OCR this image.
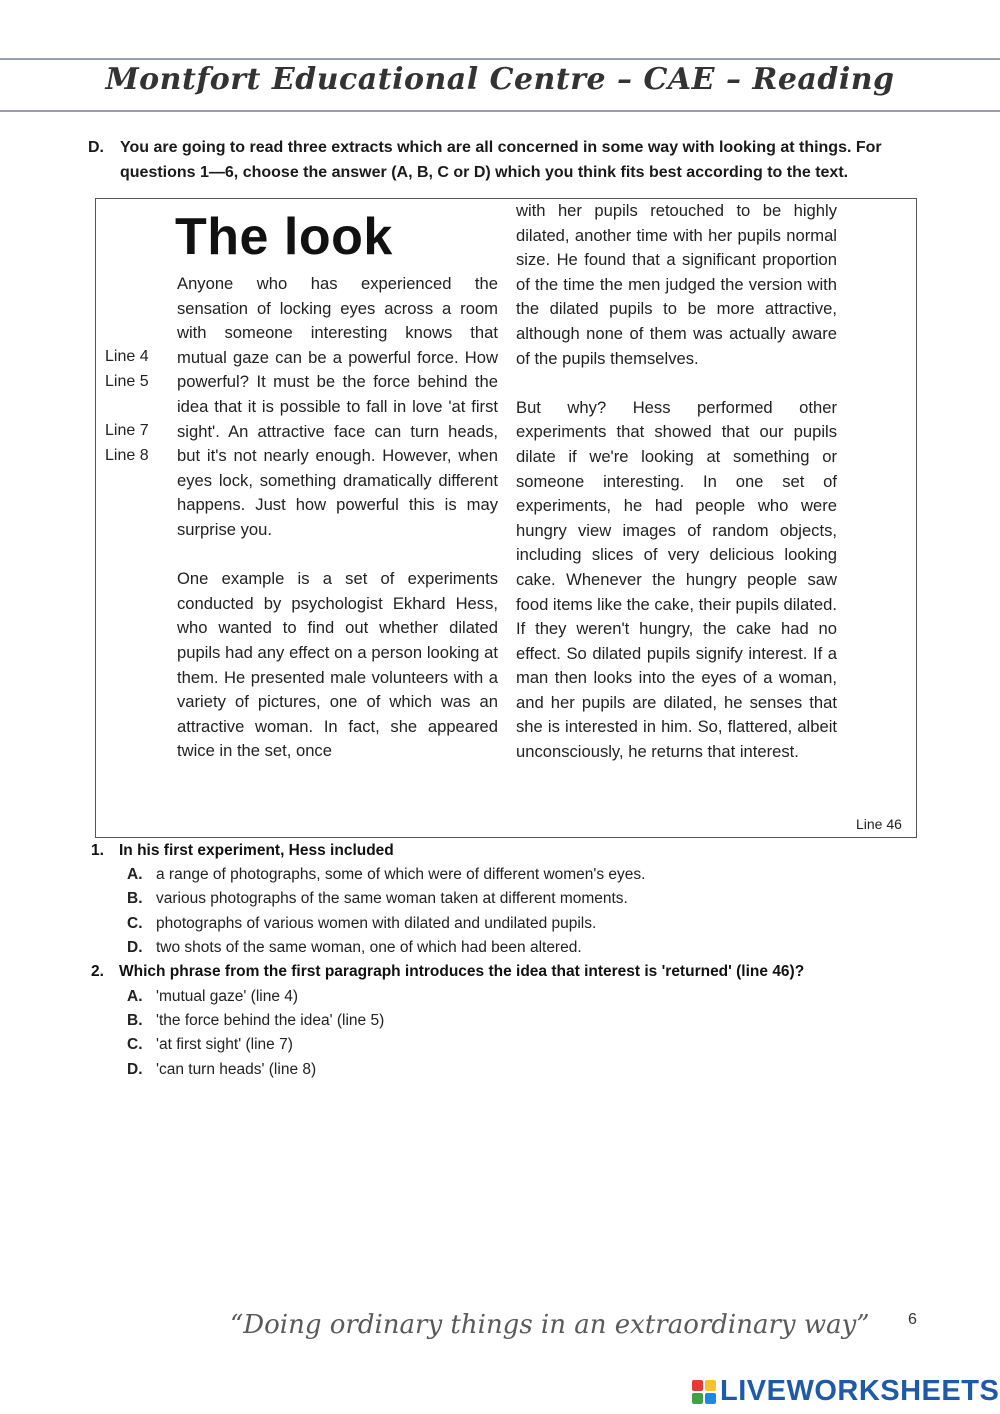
Montfort Educational Centre – CAE – Reading
D. You are going to read three extracts which are all concerned in some way with looking at things. For questions 1—6, choose the answer (A, B, C or D) which you think fits best according to the text.
The look

Anyone who has experienced the sensation of locking eyes across a room with someone interesting knows that mutual gaze can be a powerful force. How powerful? It must be the force behind the idea that it is possible to fall in love 'at first sight'. An attractive face can turn heads, but it's not nearly enough. However, when eyes lock, something dramatically different happens. Just how powerful this is may surprise you.

One example is a set of experiments conducted by psychologist Ekhard Hess, who wanted to find out whether dilated pupils had any effect on a person looking at them. He presented male volunteers with a variety of pictures, one of which was an attractive woman. In fact, she appeared twice in the set, once

with her pupils retouched to be highly dilated, another time with her pupils normal size. He found that a significant proportion of the time the men judged the version with the dilated pupils to be more attractive, although none of them was actually aware of the pupils themselves.

But why? Hess performed other experiments that showed that our pupils dilate if we're looking at something or someone interesting. In one set of experiments, he had people who were hungry view images of random objects, including slices of very delicious looking cake. Whenever the hungry people saw food items like the cake, their pupils dilated. If they weren't hungry, the cake had no effect. So dilated pupils signify interest. If a man then looks into the eyes of a woman, and her pupils are dilated, he senses that she is interested in him. So, flattered, albeit unconsciously, he returns that interest.

Line 4
Line 5
Line 7
Line 8
Line 46
1. In his first experiment, Hess included
A. a range of photographs, some of which were of different women's eyes.
B. various photographs of the same woman taken at different moments.
C. photographs of various women with dilated and undilated pupils.
D. two shots of the same woman, one of which had been altered.
2. Which phrase from the first paragraph introduces the idea that interest is 'returned' (line 46)?
A. 'mutual gaze' (line 4)
B. 'the force behind the idea' (line 5)
C. 'at first sight' (line 7)
D. 'can turn heads' (line 8)
“Doing ordinary things in an extraordinary way” 6
LIVEWORKSHEETS
